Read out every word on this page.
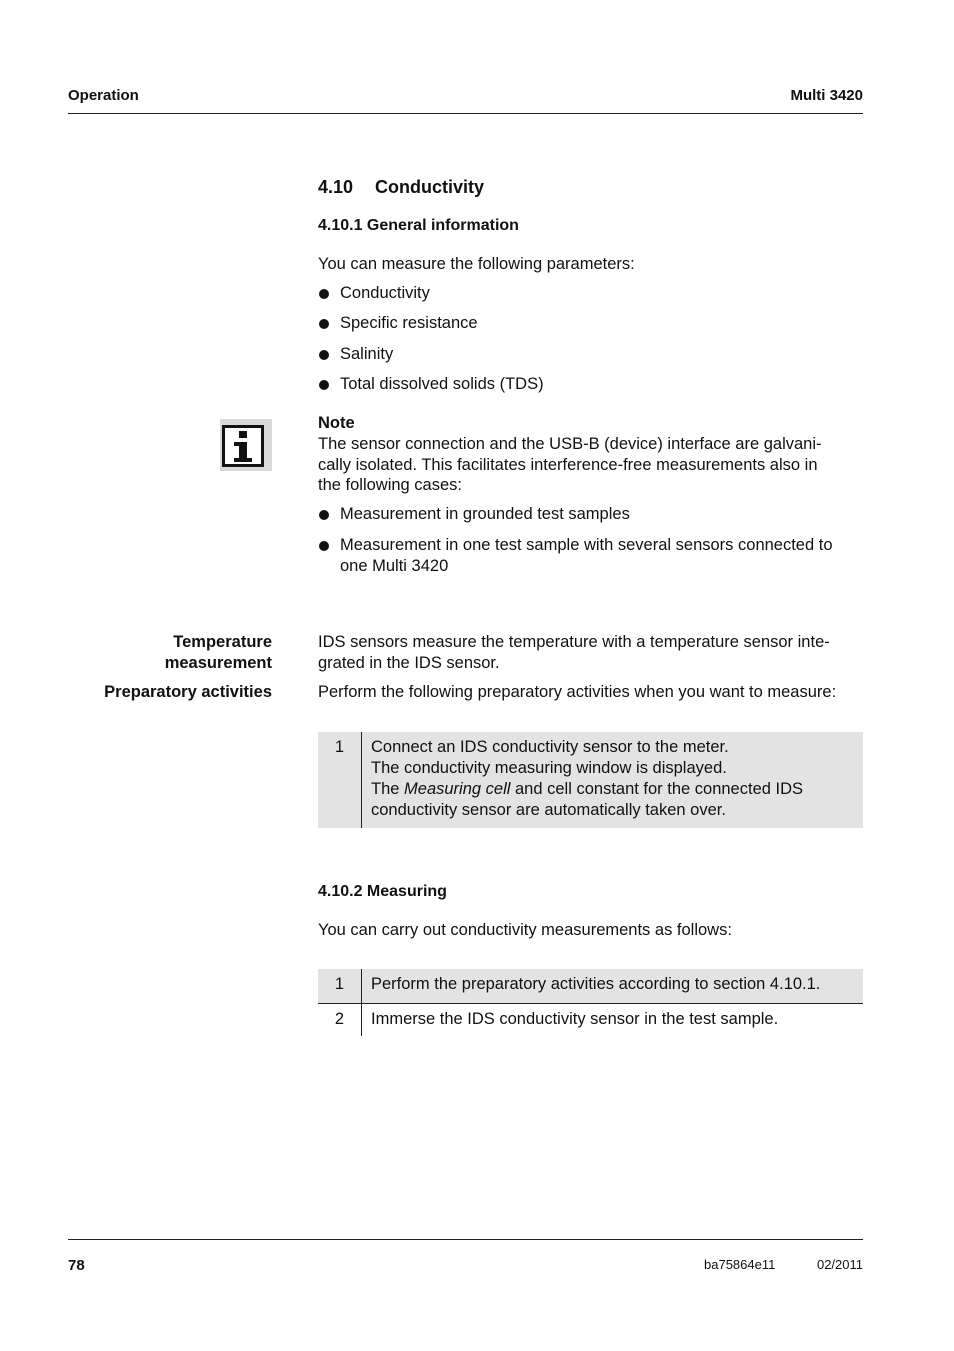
Operation	Multi 3420
4.10 Conductivity
4.10.1 General information
You can measure the following parameters:
Conductivity
Specific resistance
Salinity
Total dissolved solids (TDS)
Note
The sensor connection and the USB-B (device) interface are galvani-
cally isolated. This facilitates interference-free measurements also in
the following cases:
Measurement in grounded test samples
Measurement in one test sample with several sensors connected to
one Multi 3420
Temperature
measurement
IDS sensors measure the temperature with a temperature sensor inte-
grated in the IDS sensor.
Preparatory activities	Perform the following preparatory activities when you want to measure:
1	Connect an IDS conductivity sensor to the meter.
The conductivity measuring window is displayed.
The Measuring cell and cell constant for the connected IDS
conductivity sensor are automatically taken over.
4.10.2 Measuring
You can carry out conductivity measurements as follows:
1	Perform the preparatory activities according to section 4.10.1.
2	Immerse the IDS conductivity sensor in the test sample.
78	ba75864e11	02/2011
